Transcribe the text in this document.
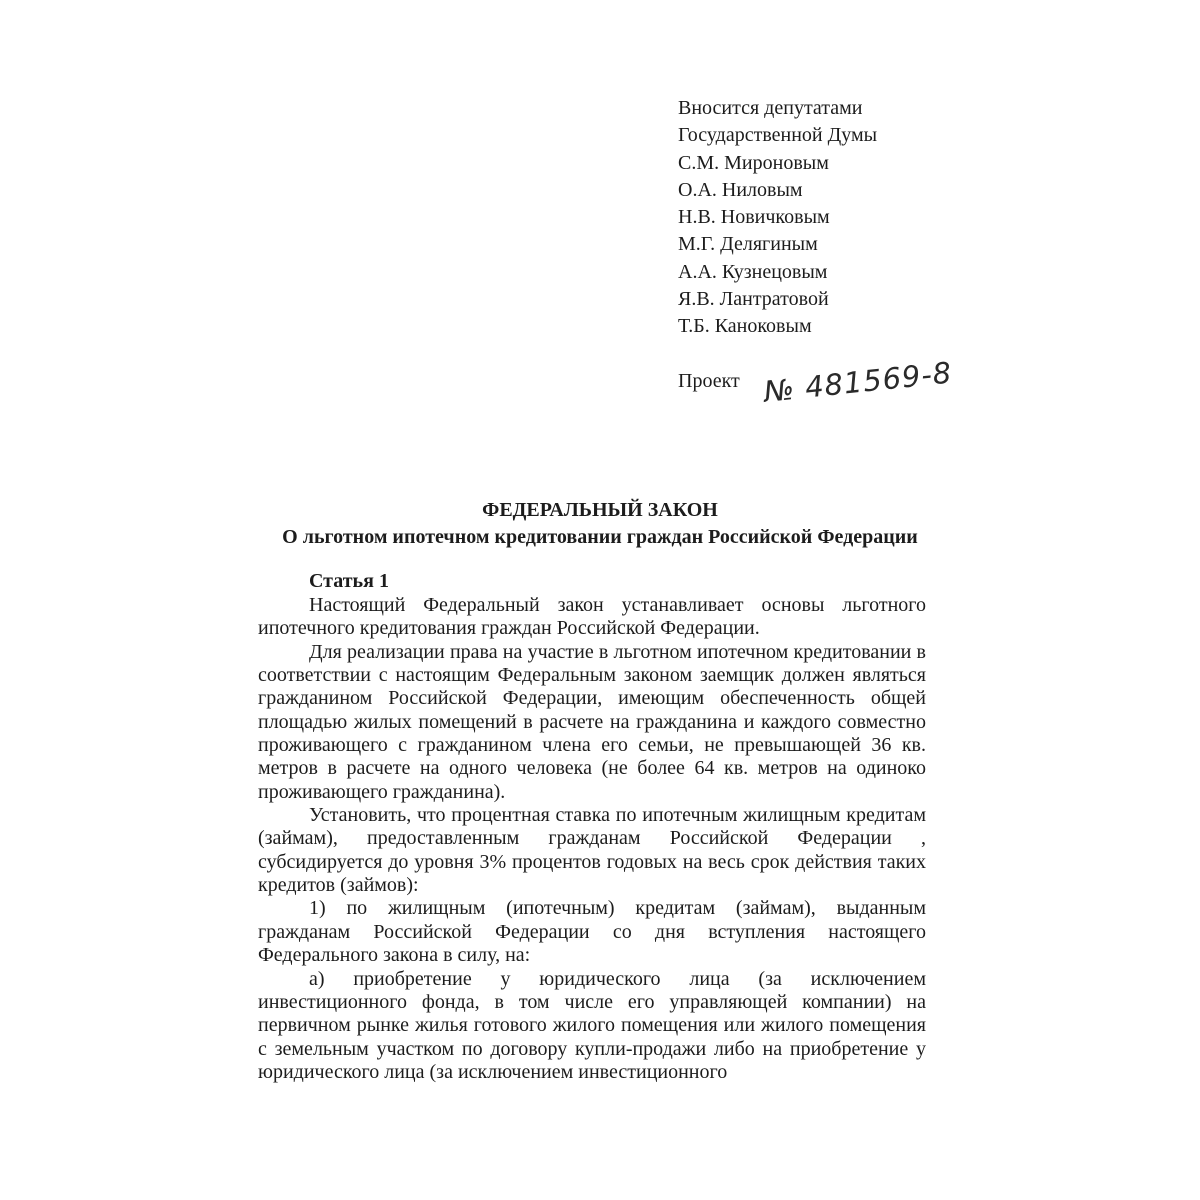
Вносится депутатами
Государственной Думы
С.М. Мироновым
О.А. Ниловым
Н.В. Новичковым
М.Г. Делягиным
А.А. Кузнецовым
Я.В. Лантратовой
Т.Б. Каноковым
Проект № 481569-8
ФЕДЕРАЛЬНЫЙ ЗАКОН
О льготном ипотечном кредитовании граждан Российской Федерации
Статья 1

Настоящий Федеральный закон устанавливает основы льготного ипотечного кредитования граждан Российской Федерации.

Для реализации права на участие в льготном ипотечном кредитовании в соответствии с настоящим Федеральным законом заемщик должен являться гражданином Российской Федерации, имеющим обеспеченность общей площадью жилых помещений в расчете на гражданина и каждого совместно проживающего с гражданином члена его семьи, не превышающей 36 кв. метров в расчете на одного человека (не более 64 кв. метров на одиноко проживающего гражданина).

Установить, что процентная ставка по ипотечным жилищным кредитам (займам), предоставленным гражданам Российской Федерации , субсидируется до уровня 3% процентов годовых на весь срок действия таких кредитов (займов):

1) по жилищным (ипотечным) кредитам (займам), выданным гражданам Российской Федерации со дня вступления настоящего Федерального закона в силу, на:

а) приобретение у юридического лица (за исключением инвестиционного фонда, в том числе его управляющей компании) на первичном рынке жилья готового жилого помещения или жилого помещения с земельным участком по договору купли-продажи либо на приобретение у юридического лица (за исключением инвестиционного
